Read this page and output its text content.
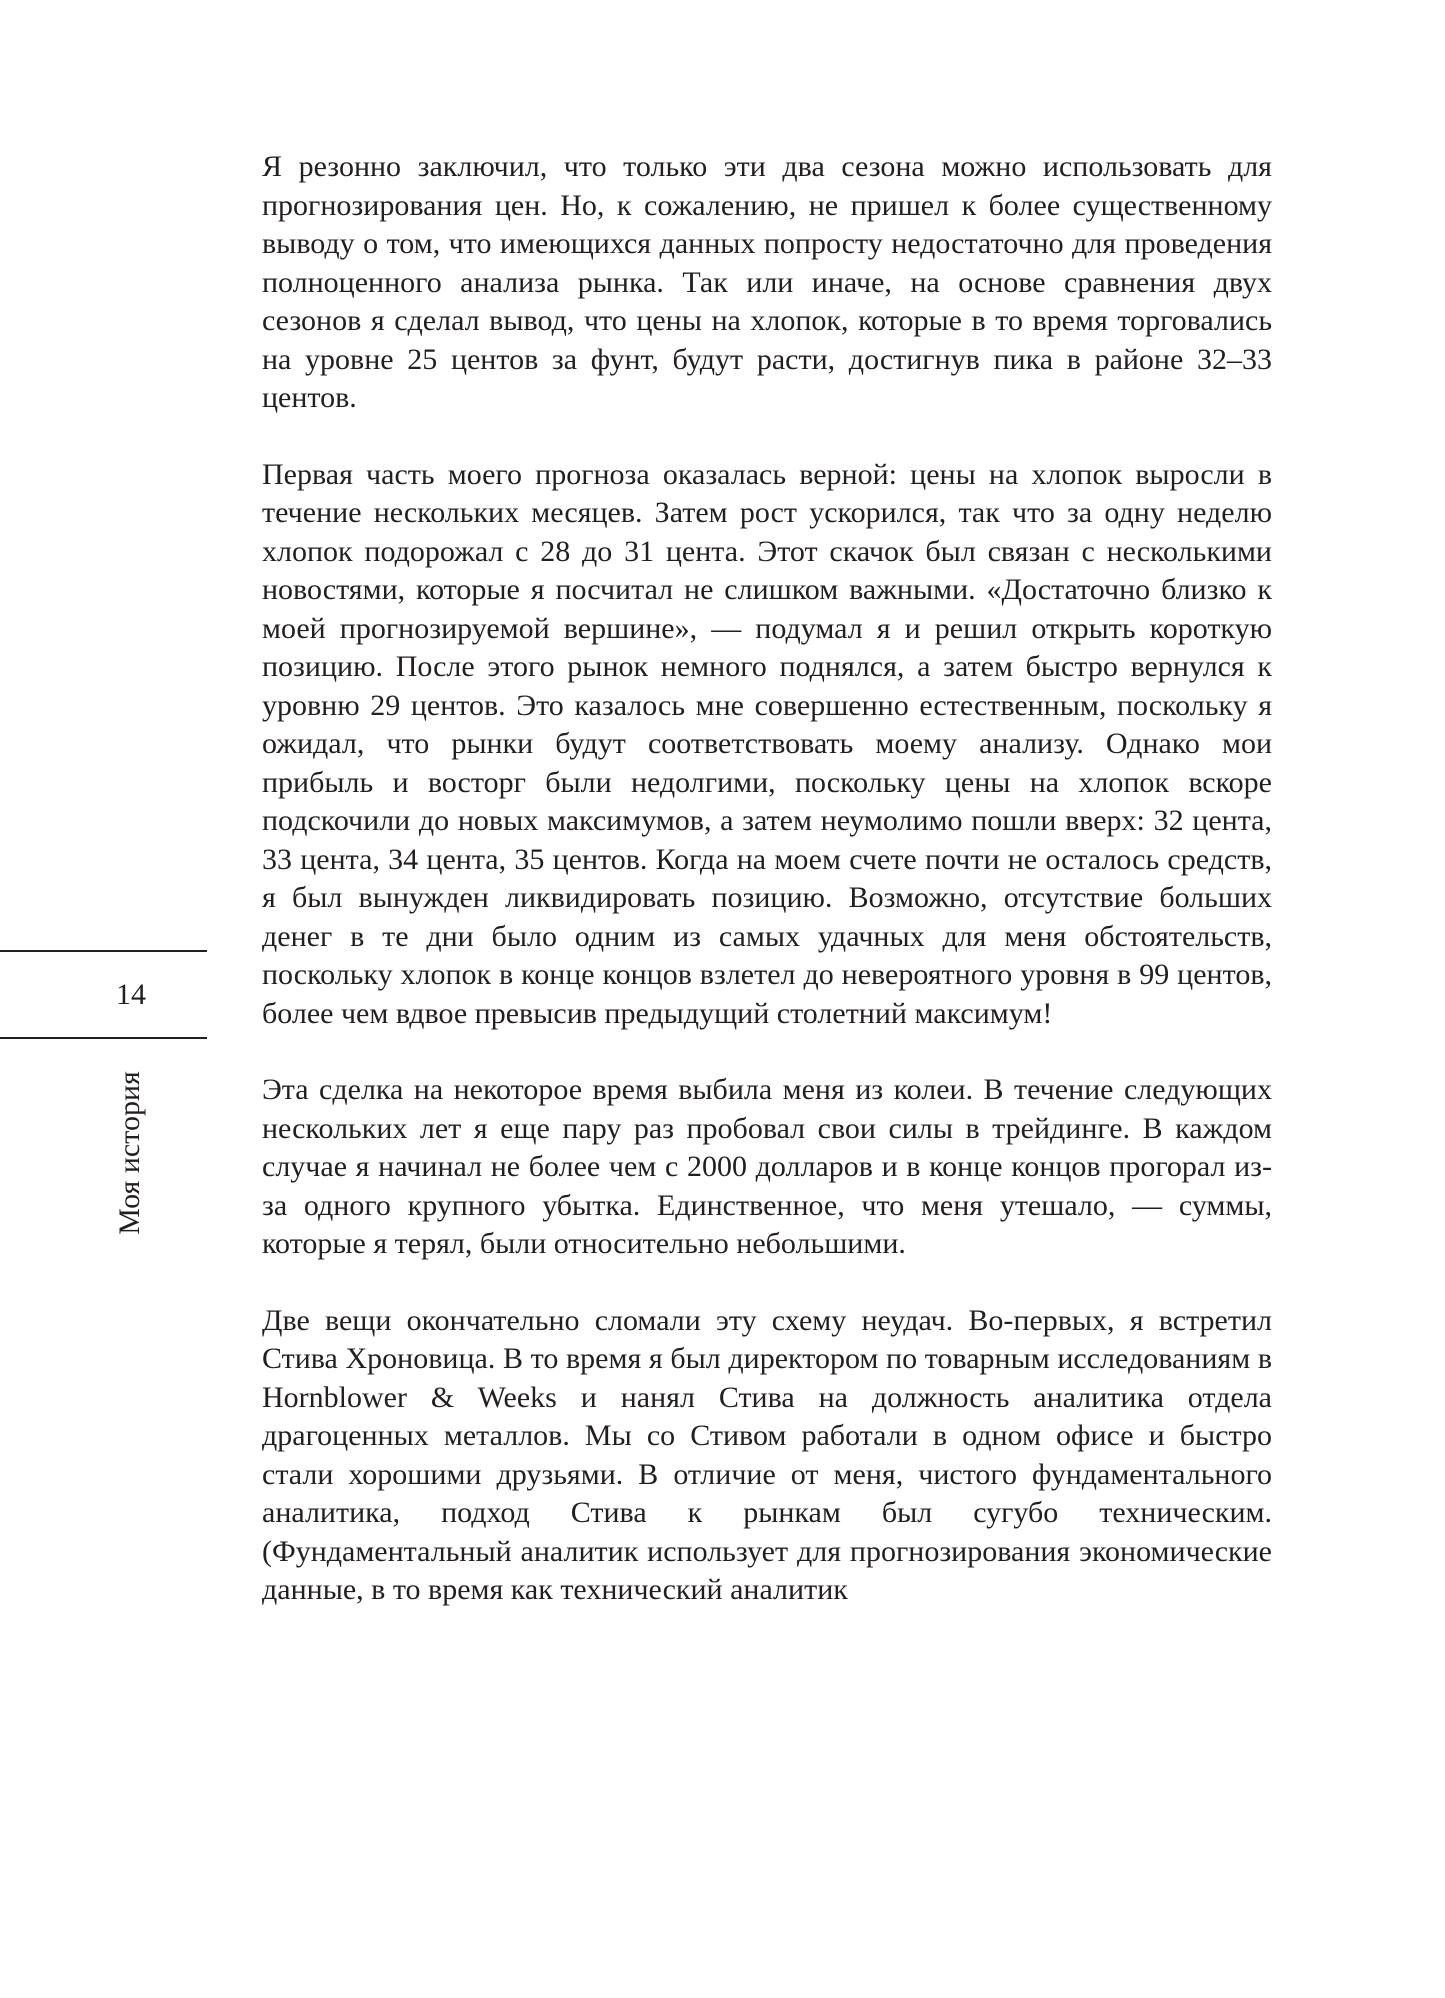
Я резонно заключил, что только эти два сезона можно использовать для прогнозирования цен. Но, к сожалению, не пришел к более существенному выводу о том, что имеющихся данных попросту недостаточно для проведения полноценного анализа рынка. Так или иначе, на основе сравнения двух сезонов я сделал вывод, что цены на хлопок, которые в то время торговались на уровне 25 центов за фунт, будут расти, достигнув пика в районе 32–33 центов.

Первая часть моего прогноза оказалась верной: цены на хлопок выросли в течение нескольких месяцев. Затем рост ускорился, так что за одну неделю хлопок подорожал с 28 до 31 цента. Этот скачок был связан с несколькими новостями, которые я посчитал не слишком важными. «Достаточно близко к моей прогнозируемой вершине», — подумал я и решил открыть короткую позицию. После этого рынок немного поднялся, а затем быстро вернулся к уровню 29 центов. Это казалось мне совершенно естественным, поскольку я ожидал, что рынки будут соответствовать моему анализу. Однако мои прибыль и восторг были недолгими, поскольку цены на хлопок вскоре подскочили до новых максимумов, а затем неумолимо пошли вверх: 32 цента, 33 цента, 34 цента, 35 центов. Когда на моем счете почти не осталось средств, я был вынужден ликвидировать позицию. Возможно, отсутствие больших денег в те дни было одним из самых удачных для меня обстоятельств, поскольку хлопок в конце концов взлетел до невероятного уровня в 99 центов, более чем вдвое превысив предыдущий столетний максимум!

Эта сделка на некоторое время выбила меня из колеи. В течение следующих нескольких лет я еще пару раз пробовал свои силы в трейдинге. В каждом случае я начинал не более чем с 2000 долларов и в конце концов прогорал из-за одного крупного убытка. Единственное, что меня утешало, — суммы, которые я терял, были относительно небольшими.

Две вещи окончательно сломали эту схему неудач. Во-первых, я встретил Стива Хроновица. В то время я был директором по товарным исследованиям в Hornblower & Weeks и нанял Стива на должность аналитика отдела драгоценных металлов. Мы со Стивом работали в одном офисе и быстро стали хорошими друзьями. В отличие от меня, чистого фундаментального аналитика, подход Стива к рынкам был сугубо техническим. (Фундаментальный аналитик использует для прогнозирования экономические данные, в то время как технический аналитик

14
Моя история
